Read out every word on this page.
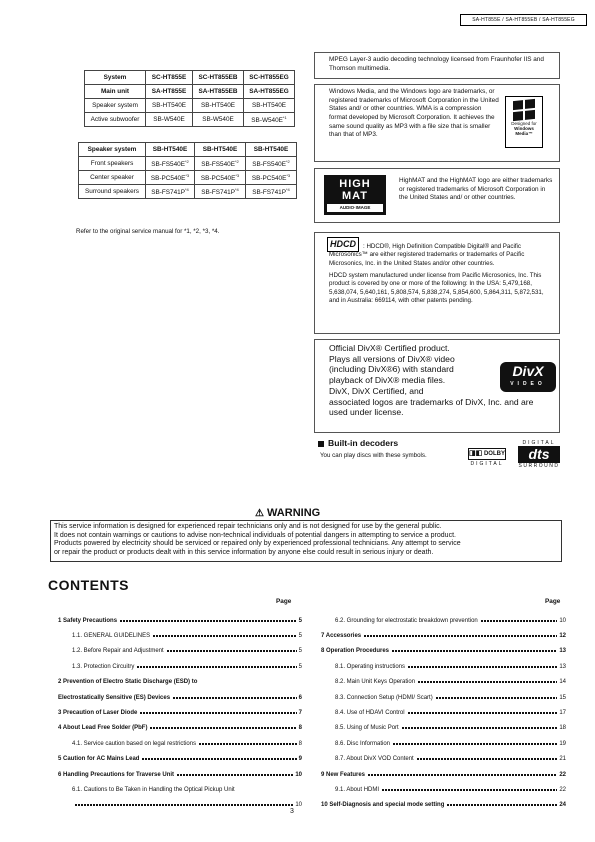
SA-HT855E / SA-HT855EB / SA-HT855EG
System	SC-HT855E	SC-HT855EB	SC-HT855EG
Main unit	SA-HT855E	SA-HT855EB	SA-HT855EG
Speaker system	SB-HT540E	SB-HT540E	SB-HT540E
Active subwoofer	SB-W540E	SB-W540E	$SB-W540E^{*1}$
Speaker system	SB-HT540E	SB-HT540E	SB-HT540E
Front speakers	$SB-FS540E^{*2}$	$SB-FS540E^{*2}$	$SB-FS540E^{*2}$
Center speaker	$SB-PC540E^{*3}$	$SB-PC540E^{*3}$	$SB-PC540E^{*3}$
Surround speakers	$SB-FS741P^{*4}$	$SB-FS741P^{*4}$	$SB-FS741P^{*4}$
Refer to the original service manual for *1, *2, *3, *4.

MPEG Layer-3 audio decoding technology licensed from Fraunhofer IIS and Thomson multimedia.

Windows Media, and the Windows logo are trademarks, or registered trademarks of Microsoft Corporation in the United States and/ or other countries. WMA is a compression format developed by Microsoft Corporation. It achieves the same sound quality as MP3 with a file size that is smaller than that of MP3.

Designed for
Windows Media™

HighMAT and the HighMAT logo are either trademarks or registered trademarks of Microsoft Corporation in the United States and/ or other countries.

HIGH
MAT
AUDIO·IMAGE

: HDCD®, High Definition Compatible Digital® and Pacific Microsonics™ are either registered trademarks or trademarks of Pacific Microsonics, Inc. in the United States and/or other countries.

HDCD system manufactured under license from Pacific Microsonics, Inc. This product is covered by one or more of the following: In the USA: 5,479,168, 5,638,074, 5,640,161, 5,808,574, 5,838,274, 5,854,600, 5,864,311, 5,872,531, and in Australia: 669114, with other patents pending.

HDCD

Official DivX® Certified product.

Plays all versions of DivX® video

(including DivX®6) with standard

playback of DivX® media files.

DivX, DivX Certified, and

associated logos are trademarks of DivX, Inc. and are

used under license.

DivX
VIDEO
Built-in decoders
You can play discs with these symbols.	◨◧ DOLBY
DIGITAL
DIGITAL
dts
SURROUND
⚠ WARNING

This service information is designed for experienced repair technicians only and is not designed for use by the general public.

It does not contain warnings or cautions to advise non-technical individuals of potential dangers in attempting to service a product.

Products powered by electricity should be serviced or repaired only by experienced professional technicians. Any attempt to service

or repair the product or products dealt with in this service information by anyone else could result in serious injury or death.

CONTENTS
Page	Page
1 Safety Precautions	5
1.1. GENERAL GUIDELINES	5
1.2. Before Repair and Adjustment	5
1.3. Protection Circuitry	5
2 Prevention of Electro Static Discharge (ESD) to
Electrostatically Sensitive (ES) Devices	6
3 Precaution of Laser Diode	7
4 About Lead Free Solder (PbF)	8
4.1. Service caution based on legal restrictions	8
5 Caution for AC Mains Lead	9
6 Handling Precautions for Traverse Unit	10
6.1. Cautions to Be Taken in Handling the Optical Pickup Unit
10
6.2. Grounding for electrostatic breakdown prevention	10
7 Accessories	12
8 Operation Procedures	13
8.1. Operating instructions	13
8.2. Main Unit Keys Operation	14
8.3. Connection Setup (HDMI/ Scart)	15
8.4. Use of HDAVI Control	17
8.5. Using of Music Port	18
8.6. Disc Information	19
8.7. About DivX VOD Content	21
9 New Features	22
9.1. About HDMI	22
10 Self-Diagnosis and special mode setting	24
3
